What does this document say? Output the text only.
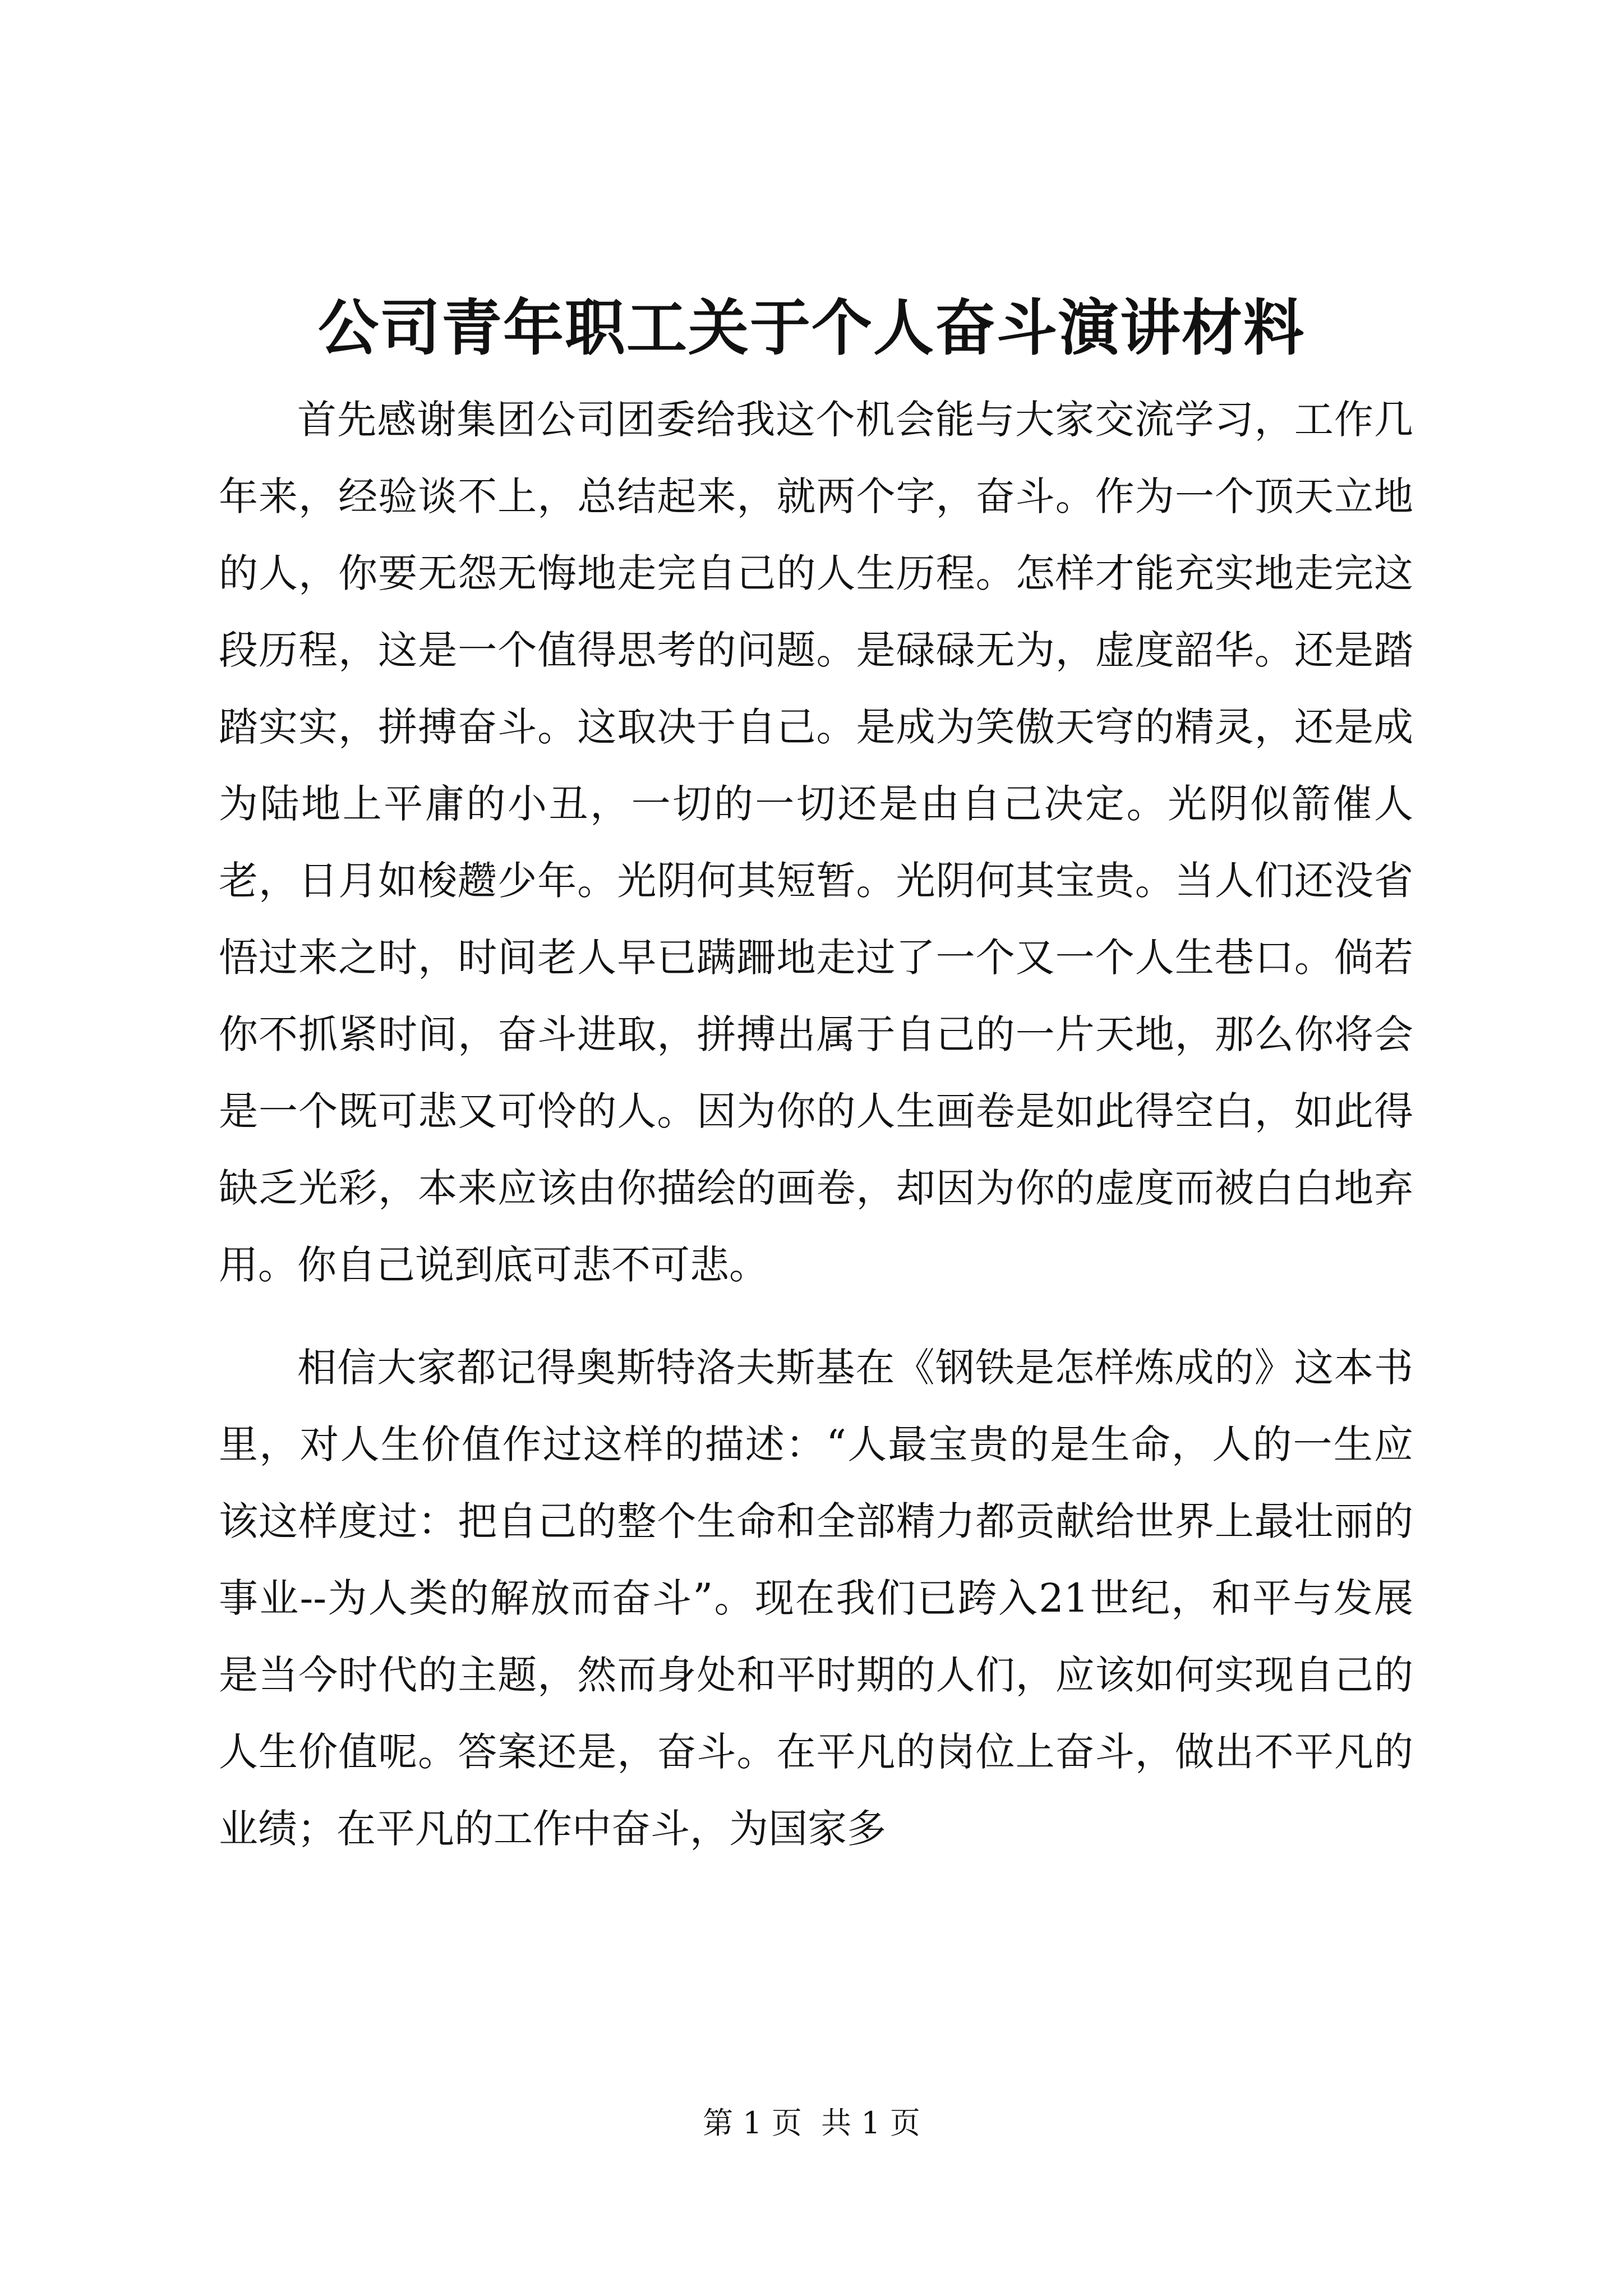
公司青年职工关于个人奋斗演讲材料

首先感谢集团公司团委给我这个机会能与大家交流学习，工作几年来，经验谈不上，总结起来，就两个字，奋斗。作为一个顶天立地的人，你要无怨无悔地走完自己的人生历程。怎样才能充实地走完这段历程，这是一个值得思考的问题。是碌碌无为，虚度韶华。还是踏踏实实，拼搏奋斗。这取决于自己。是成为笑傲天穹的精灵，还是成为陆地上平庸的小丑，一切的一切还是由自己决定。光阴似箭催人老，日月如梭趱少年。光阴何其短暂。光阴何其宝贵。当人们还没省悟过来之时，时间老人早已蹒跚地走过了一个又一个人生巷口。倘若你不抓紧时间，奋斗进取，拼搏出属于自己的一片天地，那么你将会是一个既可悲又可怜的人。因为你的人生画卷是如此得空白，如此得缺乏光彩，本来应该由你描绘的画卷，却因为你的虚度而被白白地弃用。你自己说到底可悲不可悲。

相信大家都记得奥斯特洛夫斯基在《钢铁是怎样炼成的》这本书里，对人生价值作过这样的描述：“人最宝贵的是生命，人的一生应该这样度过：把自己的整个生命和全部精力都贡献给世界上最壮丽的事业--为人类的解放而奋斗”。现在我们已跨入21世纪，和平与发展是当今时代的主题，然而身处和平时期的人们，应该如何实现自己的人生价值呢。答案还是，奋斗。在平凡的岗位上奋斗，做出不平凡的业绩；在平凡的工作中奋斗，为国家多

第 1 页  共 1 页
